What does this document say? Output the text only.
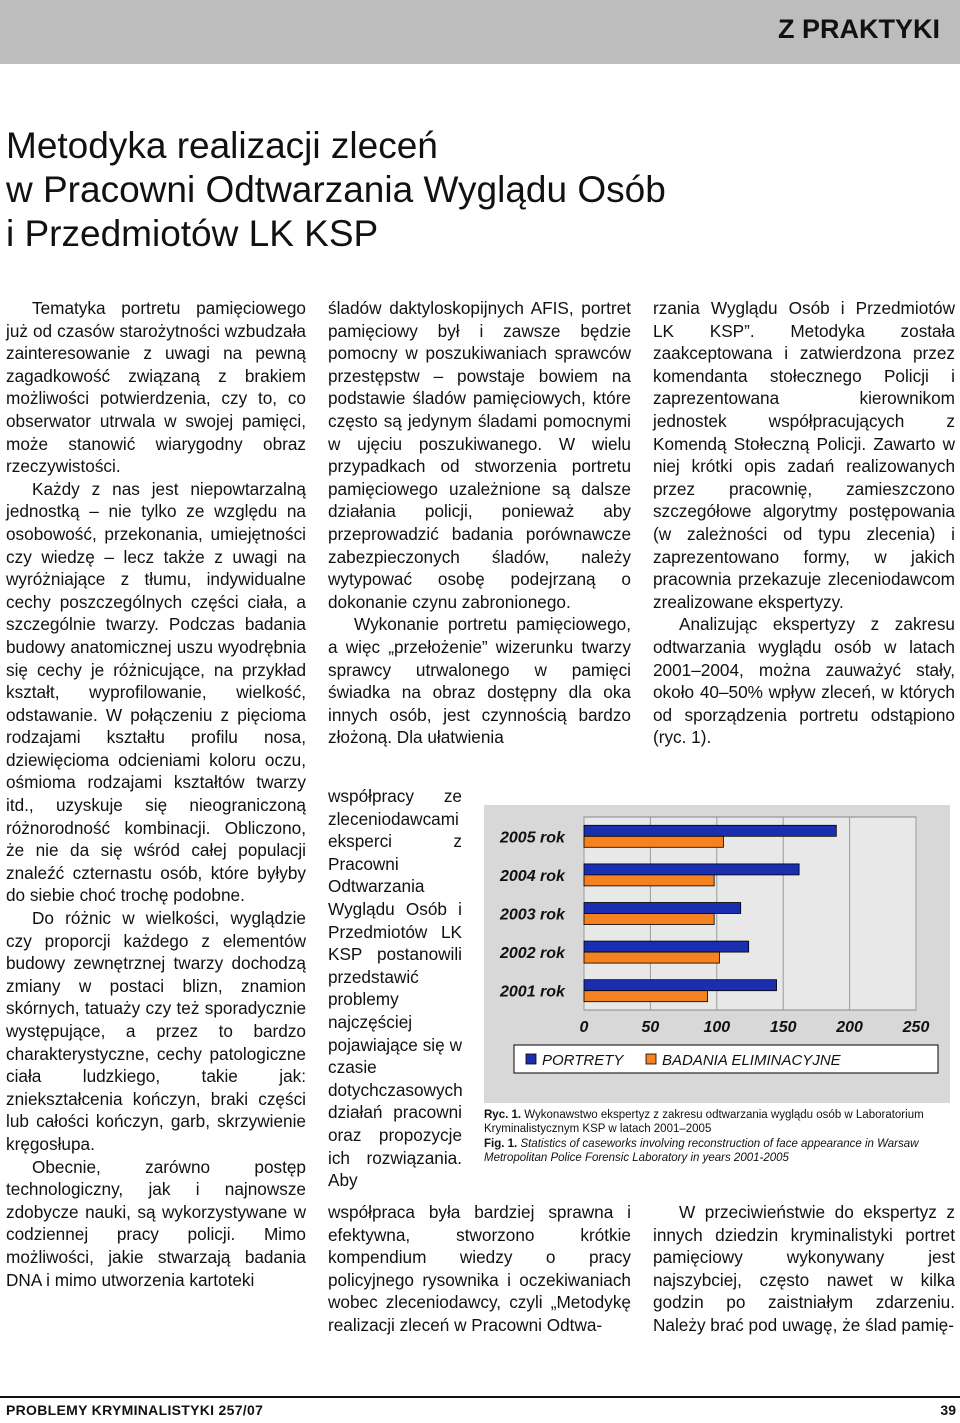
Z PRAKTYKI
Metodyka realizacji zleceń
w Pracowni Odtwarzania Wyglądu Osób
i Przedmiotów LK KSP

Tematyka portretu pamięciowego już od czasów starożytności wzbudzała zainteresowanie z uwagi na pewną zagadkowość związaną z brakiem możliwości potwierdzenia, czy to, co obserwator utrwala w swojej pamięci, może stanowić wiarygodny obraz rzeczywistości.

Każdy z nas jest niepowtarzalną jednostką – nie tylko ze względu na osobowość, przekonania, umiejętności czy wiedzę – lecz także z uwagi na wyróżniające z tłumu, indywidualne cechy poszczególnych części ciała, a szczególnie twarzy. Podczas badania budowy anatomicznej uszu wyodrębnia się cechy je różnicujące, na przykład kształt, wyprofilowanie, wielkość, odstawanie. W połączeniu z pięcioma rodzajami kształtu profilu nosa, dziewięcioma odcieniami koloru oczu, ośmioma rodzajami kształtów twarzy itd., uzyskuje się nieograniczoną różnorodność kombinacji. Obliczono, że nie da się wśród całej populacji znaleźć czternastu osób, które byłyby do siebie choć trochę podobne.

Do różnic w wielkości, wyglądzie czy proporcji każdego z elementów budowy zewnętrznej twarzy dochodzą zmiany w postaci blizn, znamion skórnych, tatuaży czy też sporadycznie występujące, a przez to bardzo charakterystyczne, cechy patologiczne ciała ludzkiego, takie jak: zniekształcenia kończyn, braki części lub całości kończyn, garb, skrzywienie kręgosłupa.

Obecnie, zarówno postęp technologiczny, jak i najnowsze zdobycze nauki, są wykorzystywane w codziennej pracy policji. Mimo możliwości, jakie stwarzają badania DNA i mimo utworzenia kartoteki

śladów daktyloskopijnych AFIS, portret pamięciowy był i zawsze będzie pomocny w poszukiwaniach sprawców przestępstw – powstaje bowiem na podstawie śladów pamięciowych, które często są jedynym śladami pomocnymi w ujęciu poszukiwanego. W wielu przypadkach od stworzenia portretu pamięciowego uzależnione są dalsze działania policji, ponieważ aby przeprowadzić badania porównawcze zabezpieczonych śladów, należy wytypować osobę podejrzaną o dokonanie czynu zabronionego.

Wykonanie portretu pamięciowego, a więc „przełożenie” wizerunku twarzy sprawcy utrwalonego w pamięci świadka na obraz dostępny dla oka innych osób, jest czynnością bardzo złożoną. Dla ułatwienia

współpracy ze zleceniodawcami eksperci z Pracowni Odtwarzania Wyglądu Osób i Przedmiotów LK KSP postanowili przedstawić problemy najczęściej pojawiające się w czasie dotychczasowych działań pracowni oraz propozycje ich rozwiązania. Aby

współpraca była bardziej sprawna i efektywna, stworzono krótkie kompendium wiedzy o pracy policyjnego rysownika i oczekiwaniach wobec zleceniodawcy, czyli „Metodykę realizacji zleceń w Pracowni Odtwa-

rzania Wyglądu Osób i Przedmiotów LK KSP”. Metodyka została zaakceptowana i zatwierdzona przez komendanta stołecznego Policji i zaprezentowana kierownikom jednostek współpracujących z Komendą Stołeczną Policji. Zawarto w niej krótki opis zadań realizowanych przez pracownię, zamieszczono szczegółowe algorytmy postępowania (w zależności od typu zlecenia) i zaprezentowano formy, w jakich pracownia przekazuje zleceniodawcom zrealizowane ekspertyzy.

Analizując ekspertyzy z zakresu odtwarzania wyglądu osób w latach 2001–2004, można zauważyć stały, około 40–50% wpływ zleceń, w których od sporządzenia portretu odstąpiono (ryc. 1).

W przeciwieństwie do ekspertyz z innych dziedzin kryminalistyki portret pamięciowy wykonywany jest najszybciej, często nawet w kilka godzin po zaistniałym zdarzeniu. Należy brać pod uwagę, że ślad pamię-

0	50	100 150 200 250
2005 rok
2004 rok
2003 rok
2002 rok
2001 rok
PORTRETY	BADANIA ELIMINACYJNE

Ryc. 1. Wykonawstwo ekspertyz z zakresu odtwarzania wyglądu osób w Laboratorium Kryminalistycznym KSP w latach 2001–2005

Fig. 1. Statistics of caseworks involving reconstruction of face appearance in Warsaw Metropolitan Police Forensic Laboratory in years 2001-2005

PROBLEMY KRYMINALISTYKI 257/07	39
